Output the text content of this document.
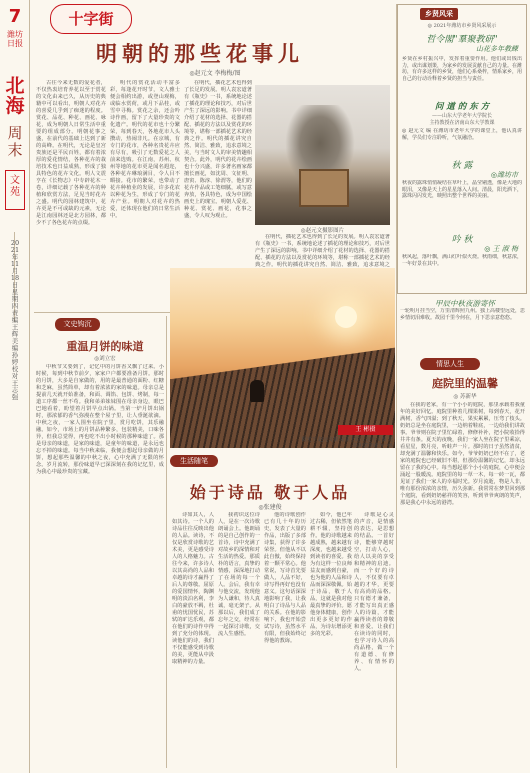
7
潍坊日报
北海
周末
文苑
2021年11月18日 星期四 责编 王 辉 美编 孙 婷 校对 王志强
十字街
明朝的那些花事儿
◎赵元文 李梅梅/图

古往今来无数的爱花者，不仅热衷培育养花以至于赏花的文化由来已久，从历史的典籍中可以看出，明朝人对花卉的喜爱几乎到了痴迷的程度。赏花、品花、种花、画花、咏花，成为明朝人日常生活中重要的组成部分。明朝花事之盛，在前代的基础上达到了新的高峰。在明代，无论是皇宫贵族还是平民百姓，都有着浓厚的爱花情结，各种花卉的栽培技术也日益成熟，形成了独具特色的花卉文化。明人文震亨在《长物志》中专辟花木一卷，详细记载了各种花卉的种植和欣赏方法，足见当时花卉之盛。明代的园林建筑中，花卉更是不可或缺的元素，无论是江南园林还是北方园林，都少不了各色花卉的点缀。

明代的赏花活动丰富多彩，每逢花开时节，文人雅士便会相约出游，或登山观梅，或临水赏荷，或月下品桂，或雪中寻梅。赏花之余，还会吟诗作画，留下了大量珍贵的文化遗产。明代的花市也十分繁荣，每到春天，各地花市人头攒动，热闹非凡。在京城，有专门的花市，各种名贵花卉应有尽有，吸引了无数爱花之人前来选购。在江南，苏州、杭州等地的花市更是闻名遐迩，各种花卉琳琅满目，令人目不暇接。花市的繁荣，也带动了花卉种植业的发展，许多花农以种花为生，形成了专门的花卉产业。明朝人对花卉的热爱，还体现在他们的日常生活中。

在明代，插花艺术也得到了长足的发展。明人袁宏道著有《瓶史》一书，系统地论述了插花的理论和技巧，对后世产生了深远的影响。书中详细介绍了花材的选择、花器的搭配、插花的方法以及赏花的环境等，堪称一部插花艺术的经典之作。明代的插花讲究自然、简洁、雅致，追求意境之美，与当时文人的审美情趣相契合。此外，明代的花卉绘画也十分兴盛，许多著名画家都擅长画花，如沈周、文征明、唐寅、陈淳、徐渭等，他们的花卉作品或工笔细腻，或写意奔放，各具特色，成为中国绘画史上的瑰宝。明朝人爱花、种花、赏花、画花，花事之盛，令人叹为观止。

◎赵元文摄影图片

在明代，插花艺术也得到了长足的发展。明人袁宏道著有《瓶史》一书，系统地论述了插花的理论和技巧，对后世产生了深远的影响。书中详细介绍了花材的选择、花器的搭配、插花的方法以及赏花的环境等，堪称一部插花艺术的经典之作。明代的插花讲究自然、简洁、雅致，追求意境之

乡贤风采
◎ 2021年潍坊市乡贤风采展示
哲令閣"羣聚教研"
山花多年教練
乡贤在乡村振兴中，发挥着重要作用。他们或出钱出力，或出谋划策，为家乡的发展贡献自己的力量。在潍坊，有许多这样的乡贤，他们心系桑梓，情系家乡，用自己的行动诠释着乡贤的担当与责任。
问 道 的 东 方
——山东大学老年大学院长
主持教授在济南山东大学教课
◎ 赵元文 编 在潍坊市老年大学的课堂上，他认真讲解，学员们专注聆听，气氛融洽。
秋 露
◎潍坊市
秋夜的露珠悄悄凝结在草叶上，晶莹剔透，像是大地的眼泪，又像是天上的星星落入人间。清晨，阳光洒下，露珠闪闪发光，映照出整个世界的美丽。
吟 秋
◎ 王 淑 梅
秋风起，落叶飘，满山红叶似火烧。秋雨细，秋意浓，一年好景在其中。
甲辰中秋夜游寄怀
一轮明月挂当空，万里清辉照九州。独上高楼望远处，思乡情切泪难收。故园千里今何在，月下思亲意悠悠。
情思人生
庭院里的温馨
◎ 苏新华

在我的老家，有一个小小的庭院，那里承载着我童年的美好回忆。庭院里种着几棵果树，每到春天，花开满树，香气四溢；到了秋天，果实累累，压弯了枝头。奶奶总是坐在庭院里，一边纳着鞋底，一边给我们讲故事。爷爷则在院子里忙碌着，修修补补，把小院收拾得井井有条。夏天的夜晚，我们一家人坐在院子里乘凉，看星星，数月亮，听蛙声一片。那时的日子虽然清贫，却充满了温馨和快乐。如今，爷爷奶奶已经不在了，老家的庭院也已经破旧不堪，但那份温馨的记忆，却永远留在了我的心中。每当想起那个小小的庭院，心中便会涌起一股暖流。庭院里的每一草一木，每一砖一瓦，都见证了我们一家人的幸福时光。岁月流逝，物是人非，唯有那份浓浓的亲情，历久弥新。我常常在梦里回到那个庭院，看到奶奶慈祥的笑容，听到爷爷爽朗的笑声，那是我心中永远的港湾。

文史钩沉
重温月饼的味道
◎刘立宏

中秋节又要到了，记忆中的月饼香又飘了过来。小时候，每到中秋节前夕，家家户户都要准备月饼。那时的月饼，大多是自家做的，用的是最普通的面粉、红糖和芝麻，虽然简单，却有着浓浓的家的味道。母亲总是提前几天就开始准备，和面、调馅、包饼、烤制，每一道工序都一丝不苟。我和弟弟妹妹围在母亲身边，眼巴巴地看着，盼望着月饼早点出锅。当第一炉月饼出锅时，那浓郁的香气弥漫在整个屋子里，让人垂涎欲滴。中秋之夜，一家人围坐在院子里，赏月吃饼，其乐融融。如今，市场上的月饼品种繁多，包装精美，口味各异，但我总觉得，再也吃不出小时候的那种味道了。那是母亲的味道，是家的味道，是童年的味道，是永远也忘不掉的味道。每当中秋来临，我便会想起母亲做的月饼，想起那些温馨的中秋之夜，心中充满了无限的怀念。岁月流转，那份味道早已深深刻在我的记忆里，成为我心中最珍贵的宝藏。

王 彬摄
阳光下 赵元文摄 屋顶上的人 赵元文摄 光影和建筑融为一体
生活随笔
始于诗品 敬于人品
◎张建俊

诗如其人，人如其诗。一个人的诗品往往反映出他的人品。读诗，不仅是欣赏诗歌的艺术美，更是感受诗人的人格魅力。古往今来，许多诗人以其高尚的人品和卓越的诗才赢得了后人的尊敬。屈原的爱国情怀，陶渊明的淡泊名利，李白的豪放不羁，杜甫的忧国忧民，苏轼的旷达乐观，都在他们的诗作中得到了充分的体现。读他们的诗，我们不仅能感受到诗歌的美，更能从中汲取精神的力量。

我初识这位诗人，是在一次诗歌朗诵会上。他朗诵的是自己创作的一首诗，诗中充满了对故乡的深情和对生活的热爱。那质朴的语言，真挚的情感，深深地打动了在场的每一个人。会后，我有幸与他交流，发现他为人谦和，待人真诚，毫无架子。从那以后，我们成了忘年之交，经常在一起探讨诗歌，交流人生感悟。

他的诗歌创作已有几十年的历史，发表了大量的作品，出版了多部诗集，获得了许多荣誉。但他从不以此自傲，始终保持着一颗平常心。他常说，写诗首先要做人，人品不好，诗写得再好也没有意义。这句话深深地影响了我，让我明白了诗品与人品的关系。在他的影响下，我也开始尝试写诗，虽然水平有限，但我始终记得他的教诲。

如今，他已年过古稀，但依然笔耕不辍，坚持创作。他的诗歌越来越成熟，越来越有深度，也越来越受到读者的喜爱。我为有这样一位良师益友而感到自豪，也为他的人品和诗品而深深敬佩。始于诗品，敬于人品，这就是我对他最真挚的评价。愿他身体健康，创作出更多更好的作品，为诗坛增添更多的光彩。

诗歌是心灵的声音，是情感的表达，是思想的结晶。一首好诗，能够穿越时空，打动人心，给人以美的享受和精神的启迪。而一个好的诗人，不仅要有卓越的才华，更要有高尚的品格。只有德才兼备，才能写出真正感人的诗篇，才能赢得读者的尊敬和喜爱。让我们在读诗的同时，也学习诗人的高尚品格，做一个有道德、有修养、有情怀的人。
